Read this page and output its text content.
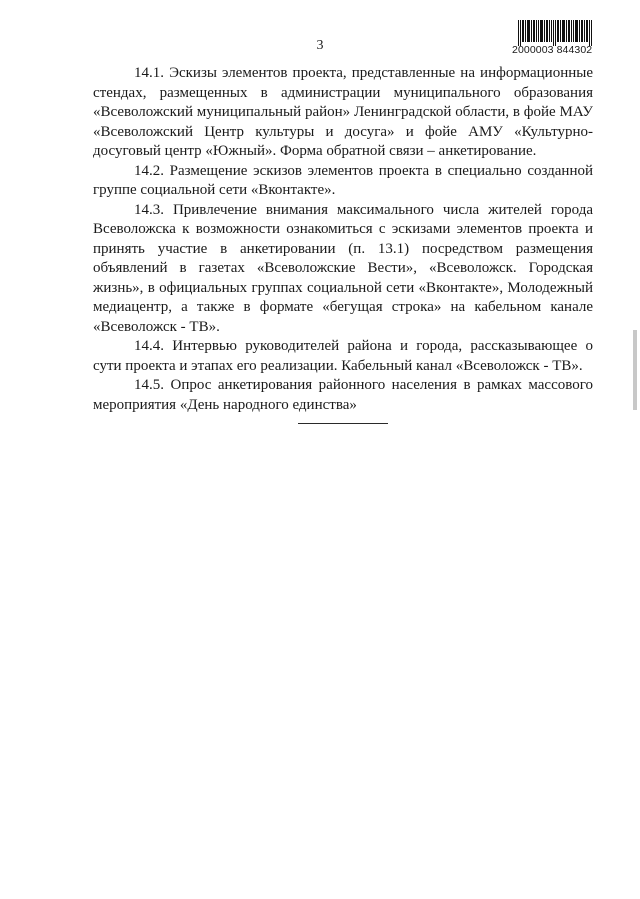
3	2000003 844302

14.1. Эскизы элементов проекта, представленные на информационные стендах, размещенных в администрации муниципального образования «Всеволожский муниципальный район» Ленинградской области, в фойе МАУ «Всеволожский Центр культуры и досуга» и фойе АМУ «Культурно-досуговый центр «Южный». Форма обратной связи – анкетирование.

14.2. Размещение эскизов элементов проекта в специально созданной группе социальной сети «Вконтакте».

14.3. Привлечение внимания максимального числа жителей города Всеволожска к возможности ознакомиться с эскизами элементов проекта и принять участие в анкетировании (п. 13.1) посредством размещения объявлений в газетах «Всеволожские Вести», «Всеволожск. Городская жизнь», в официальных группах социальной сети «Вконтакте», Молодежный медиацентр, а также в формате «бегущая строка» на кабельном канале «Всеволожск - ТВ».

14.4. Интервью руководителей района и города, рассказывающее о сути проекта и этапах его реализации. Кабельный канал «Всеволожск - ТВ».

14.5. Опрос анкетирования районного населения в рамках массового мероприятия «День народного единства»
